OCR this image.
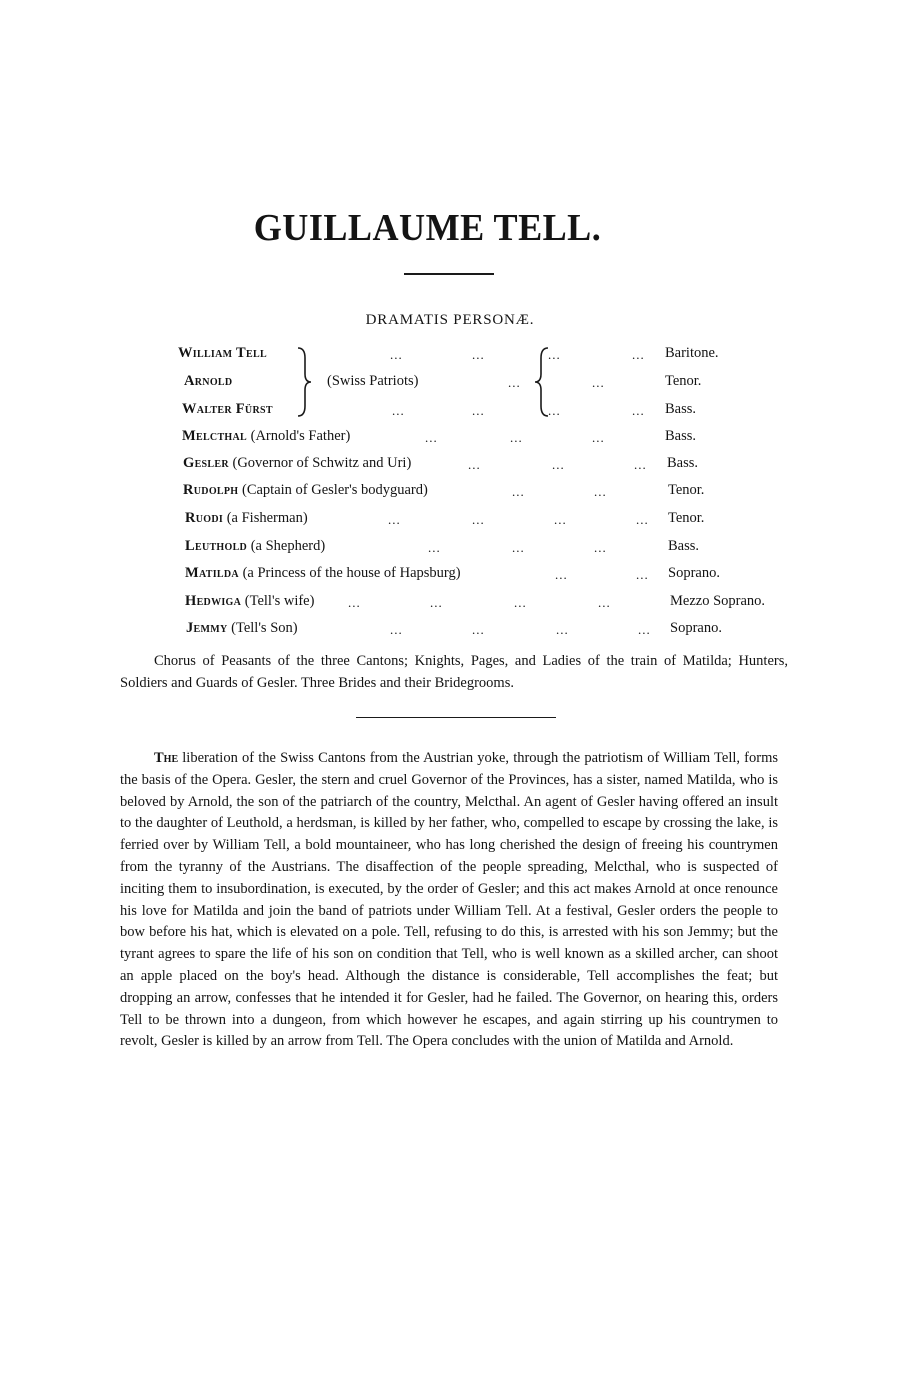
GUILLAUME TELL.
DRAMATIS PERSONÆ.
William Tell
Arnold
Walter Fürst
(Swiss Patriots)
...	...
...
...	...
...	...
...
...	...
Baritone.
Tenor.
Bass.
Melcthal (Arnold's Father)	...	...	...	Bass.
Gesler (Governor of Schwitz and Uri)	...	...	... Bass.
Rudolph (Captain of Gesler's bodyguard)	...	...	Tenor.
Ruodi (a Fisherman)	...	...	...	... Tenor.
Leuthold (a Shepherd)	...	...	...	Bass.
Matilda (a Princess of the house of Hapsburg)	...	... Soprano.
Hedwiga (Tell's wife)	...	...	...	...	Mezzo Soprano.
Jemmy (Tell's Son)	...	...	...	... Soprano.
Chorus of Peasants of the three Cantons; Knights, Pages, and Ladies of the train of Matilda; Hunters, Soldiers and Guards of Gesler. Three Brides and their Bridegrooms.
The liberation of the Swiss Cantons from the Austrian yoke, through the patriotism of William Tell, forms the basis of the Opera. Gesler, the stern and cruel Governor of the Provinces, has a sister, named Matilda, who is beloved by Arnold, the son of the patriarch of the country, Melcthal. An agent of Gesler having offered an insult to the daughter of Leuthold, a herdsman, is killed by her father, who, compelled to escape by crossing the lake, is ferried over by William Tell, a bold mountaineer, who has long cherished the design of freeing his countrymen from the tyranny of the Austrians. The disaffection of the people spreading, Melcthal, who is suspected of inciting them to insubordination, is executed, by the order of Gesler; and this act makes Arnold at once renounce his love for Matilda and join the band of patriots under William Tell. At a festival, Gesler orders the people to bow before his hat, which is elevated on a pole. Tell, refusing to do this, is arrested with his son Jemmy; but the tyrant agrees to spare the life of his son on condition that Tell, who is well known as a skilled archer, can shoot an apple placed on the boy's head. Although the distance is considerable, Tell accomplishes the feat; but dropping an arrow, confesses that he intended it for Gesler, had he failed. The Governor, on hearing this, orders Tell to be thrown into a dungeon, from which however he escapes, and again stirring up his countrymen to revolt, Gesler is killed by an arrow from Tell. The Opera concludes with the union of Matilda and Arnold.
